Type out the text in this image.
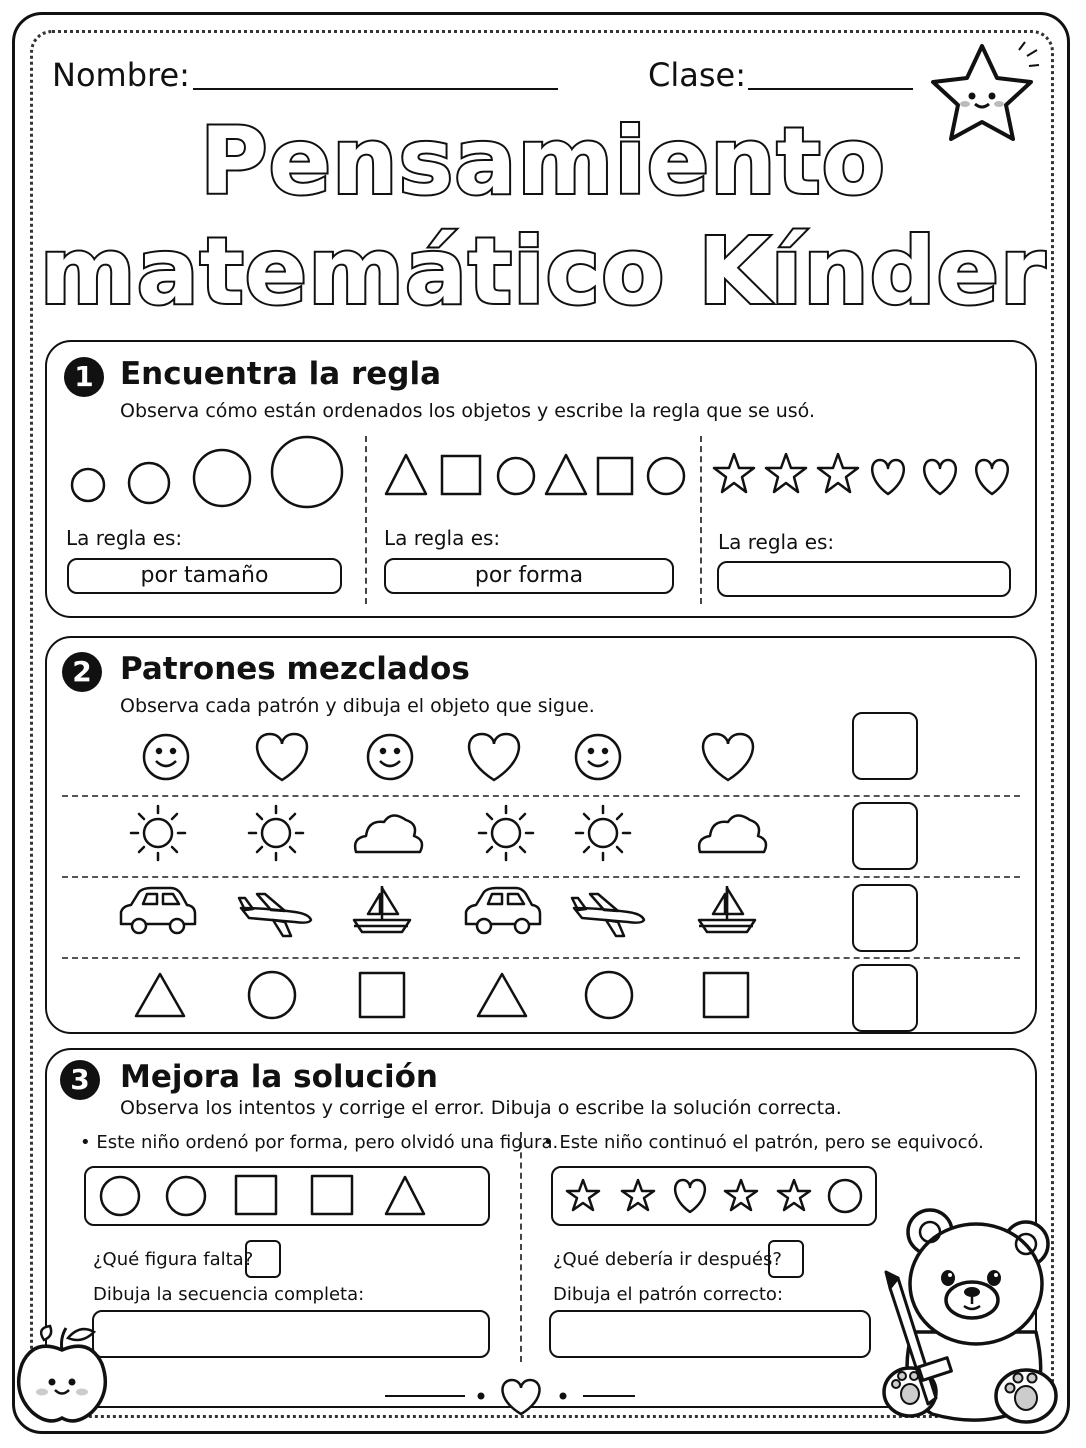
Nombre:	Clase:
Pensamiento
matemático Kínder
1 Encuentra la regla
Observa cómo están ordenados los objetos y escribe la regla que se usó.
La regla es:
por tamaño
La regla es:
por forma
La regla es:
2 Patrones mezclados
Observa cada patrón y dibuja el objeto que sigue.
3 Mejora la solución
Observa los intentos y corrige el error. Dibuja o escribe la solución correcta.
• Este niño ordenó por forma, pero olvidó una figura.
• Este niño continuó el patrón, pero se equivocó.
¿Qué figura falta?	¿Qué debería ir después?
Dibuja la secuencia completa:	Dibuja el patrón correcto:
